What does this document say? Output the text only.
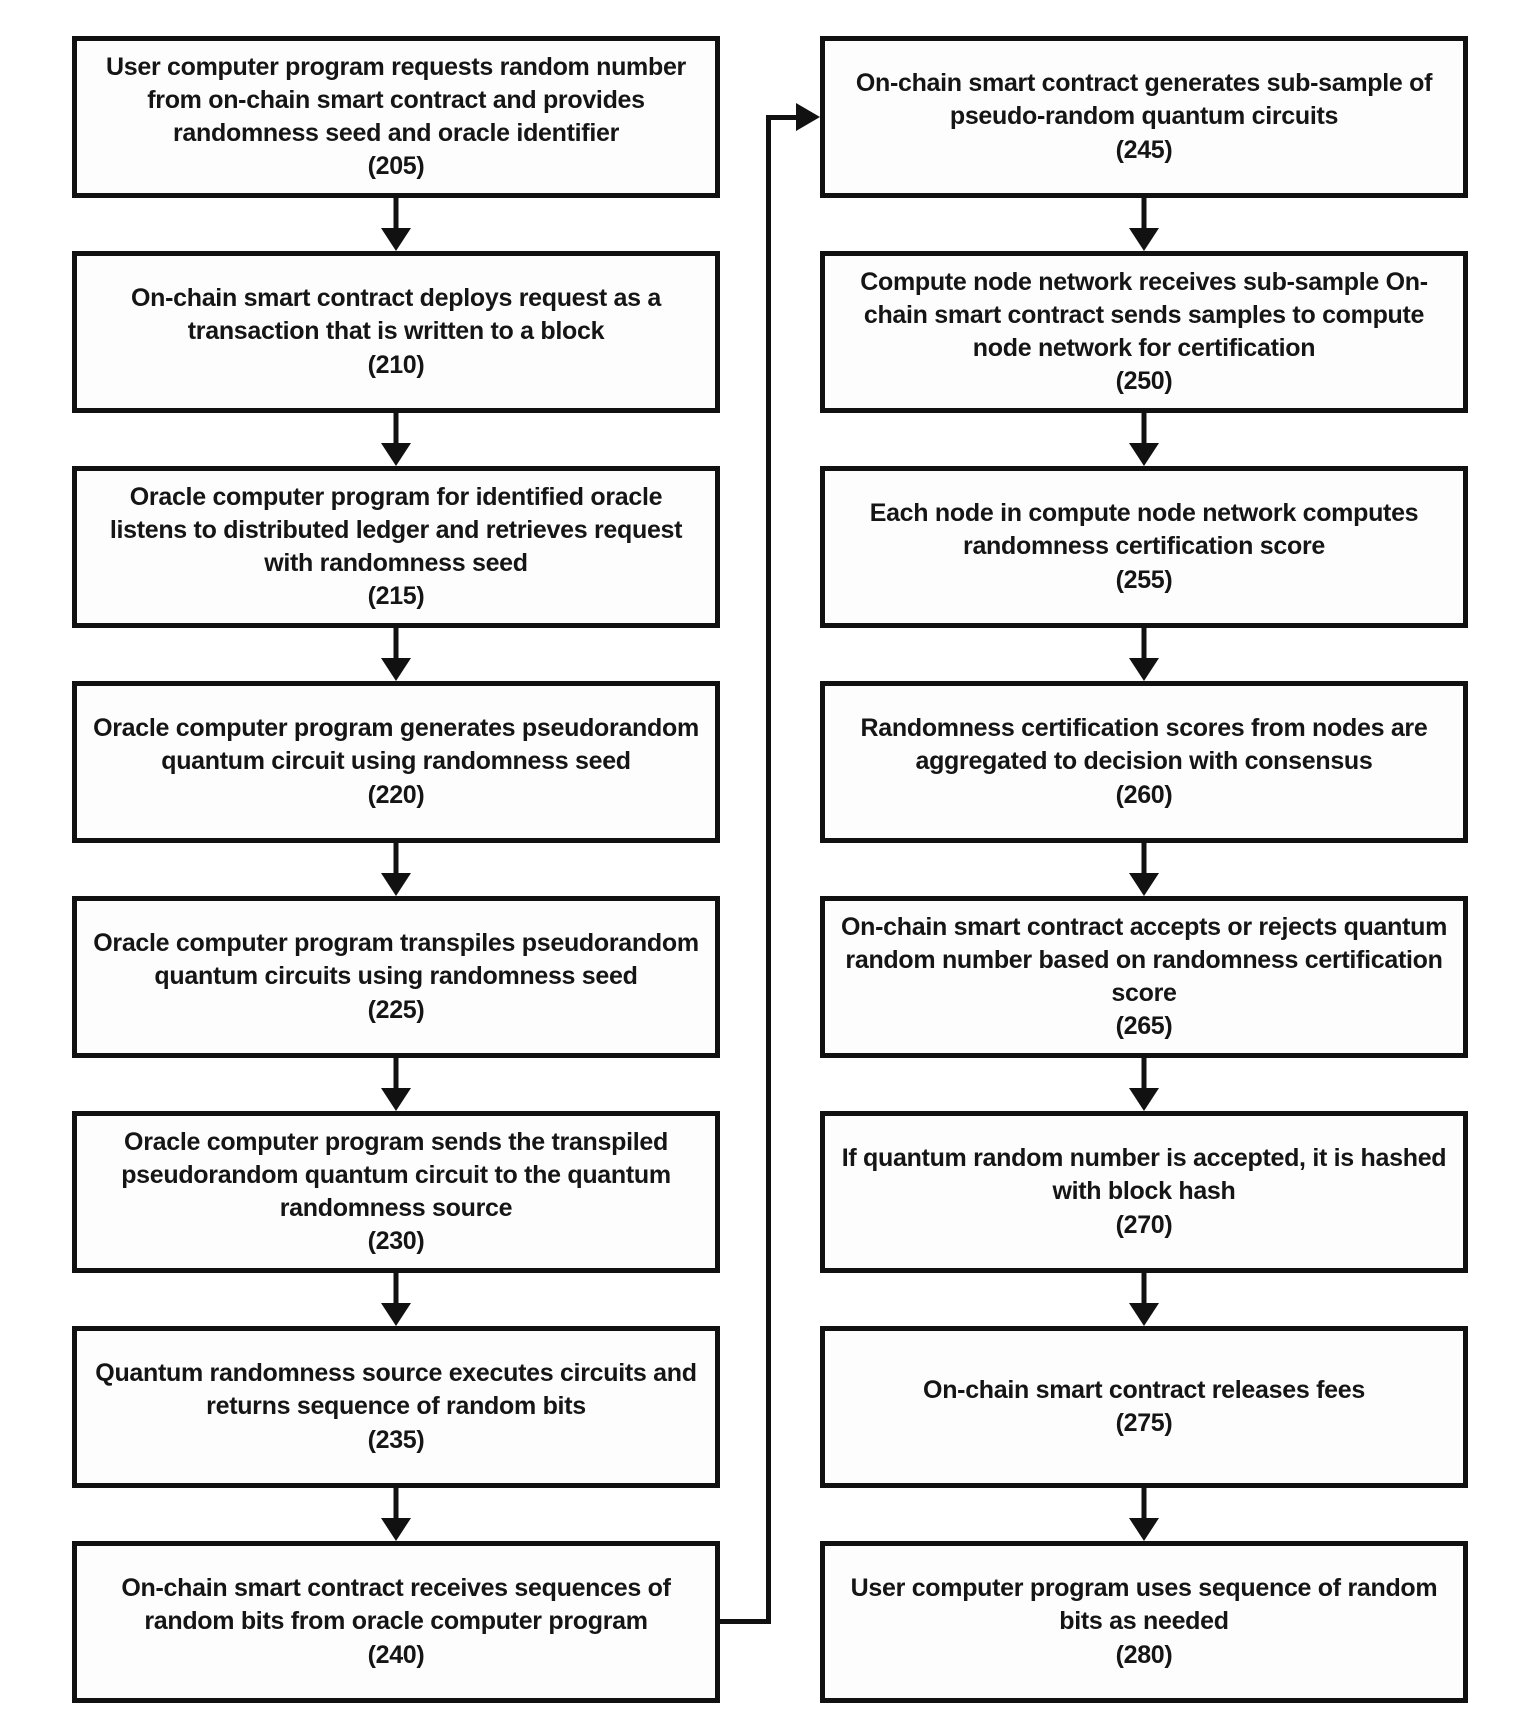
User computer program requests random number from on-chain smart contract and provides randomness seed and oracle identifier
(205)
On-chain smart contract deploys request as a transaction that is written to a block
(210)
Oracle computer program for identified oracle listens to distributed ledger and retrieves request with randomness seed
(215)
Oracle computer program generates pseudorandom quantum circuit using randomness seed
(220)
Oracle computer program transpiles pseudorandom quantum circuits using randomness seed
(225)
Oracle computer program sends the transpiled pseudorandom quantum circuit to the quantum randomness source
(230)
Quantum randomness source executes circuits and returns sequence of random bits
(235)
On-chain smart contract receives sequences of random bits from oracle computer program
(240)
On-chain smart contract generates sub-sample of pseudo-random quantum circuits
(245)
Compute node network receives sub-sample On-chain smart contract sends samples to compute node network for certification
(250)
Each node in compute node network computes randomness certification score
(255)
Randomness certification scores from nodes are aggregated to decision with consensus
(260)
On-chain smart contract accepts or rejects quantum random number based on randomness certification score
(265)
If quantum random number is accepted, it is hashed with block hash
(270)
On-chain smart contract releases fees
(275)
User computer program uses sequence of random bits as needed
(280)
